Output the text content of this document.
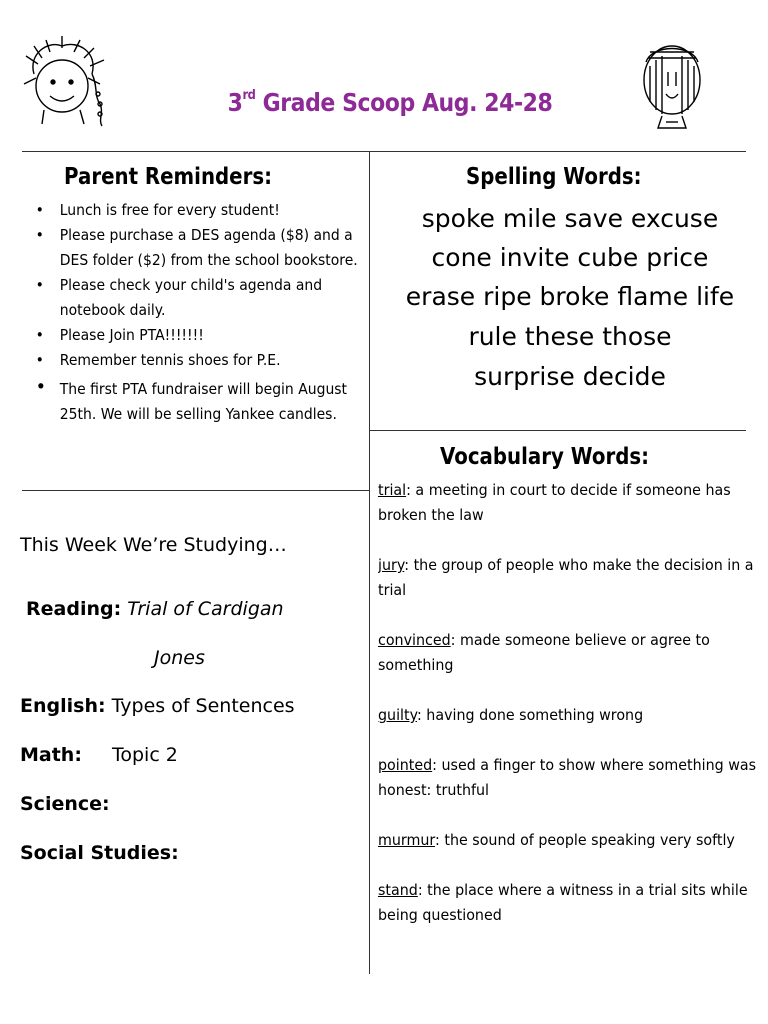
3rd Grade Scoop Aug. 24-28
Parent Reminders:
• Lunch is free for every student!
• Please purchase a DES agenda ($8) and a DES folder ($2) from the school bookstore.
• Please check your child's agenda and notebook daily.
• Please Join PTA!!!!!!!
• Remember tennis shoes for P.E.
• The first PTA fundraiser will begin August 25th. We will be selling Yankee candles.
Spelling Words:
spoke mile save excuse
cone invite cube price
erase ripe broke flame life
rule these those
surprise decide
This Week We’re Studying…
Reading: Trial of Cardigan
Jones
English: Types of Sentences
Math: Topic 2
Science:
Social Studies:
Vocabulary Words:
trial: a meeting in court to decide if someone has broken the law
jury: the group of people who make the decision in a trial
convinced: made someone believe or agree to something
guilty: having done something wrong
pointed: used a finger to show where something was
honest: truthful
murmur: the sound of people speaking very softly
stand: the place where a witness in a trial sits while being questioned
